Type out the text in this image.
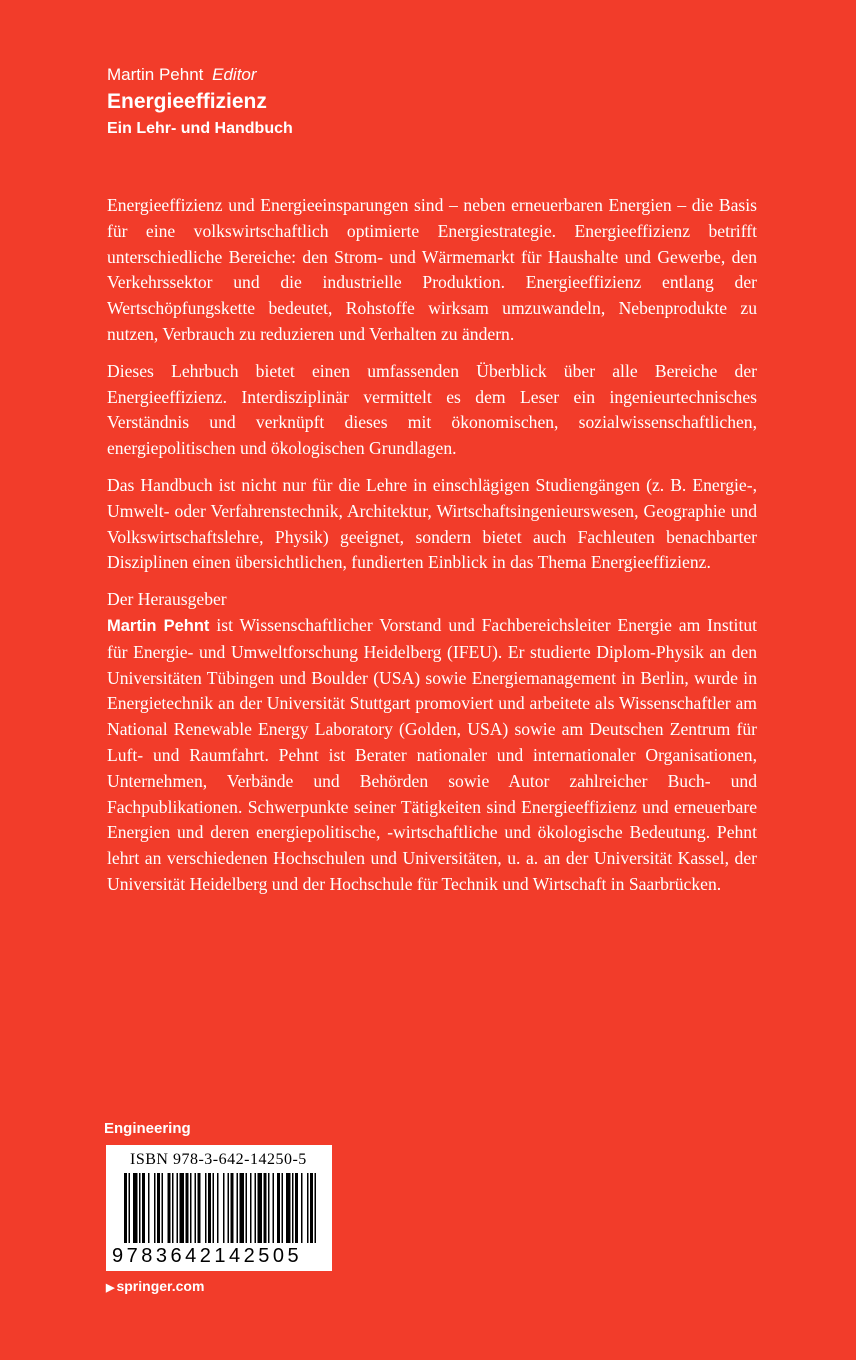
Martin Pehnt Editor
Energieeffizienz
Ein Lehr- und Handbuch

Energieeffizienz und Energieeinsparungen sind – neben erneuerbaren Energien – die Basis für eine volkswirtschaftlich optimierte Energiestrategie. Energieeffizienz betrifft unterschiedliche Bereiche: den Strom- und Wärmemarkt für Haushalte und Gewerbe, den Verkehrssektor und die industrielle Produktion. Energieeffizienz entlang der Wertschöpfungskette bedeutet, Rohstoffe wirksam umzuwandeln, Nebenprodukte zu nutzen, Verbrauch zu reduzieren und Verhalten zu ändern.

Dieses Lehrbuch bietet einen umfassenden Überblick über alle Bereiche der Energieeffizienz. Interdisziplinär vermittelt es dem Leser ein ingenieurtechnisches Verständnis und verknüpft dieses mit ökonomischen, sozialwissenschaftlichen, energiepolitischen und ökologischen Grundlagen.

Das Handbuch ist nicht nur für die Lehre in einschlägigen Studiengängen (z. B. Energie-, Umwelt- oder Verfahrenstechnik, Architektur, Wirtschaftsingenieurswesen, Geographie und Volkswirtschaftslehre, Physik) geeignet, sondern bietet auch Fachleuten benachbarter Disziplinen einen übersichtlichen, fundierten Einblick in das Thema Energieeffizienz.

Der Herausgeber

Martin Pehnt ist Wissenschaftlicher Vorstand und Fachbereichsleiter Energie am Institut für Energie- und Umweltforschung Heidelberg (IFEU). Er studierte Diplom-Physik an den Universitäten Tübingen und Boulder (USA) sowie Energiemanagement in Berlin, wurde in Energietechnik an der Universität Stuttgart promoviert und arbeitete als Wissenschaftler am National Renewable Energy Laboratory (Golden, USA) sowie am Deutschen Zentrum für Luft- und Raumfahrt. Pehnt ist Berater nationaler und internationaler Organisationen, Unternehmen, Verbände und Behörden sowie Autor zahlreicher Buch- und Fachpublikationen. Schwerpunkte seiner Tätigkeiten sind Energieeffizienz und erneuerbare Energien und deren energiepolitische, -wirtschaftliche und ökologische Bedeutung. Pehnt lehrt an verschiedenen Hochschulen und Universitäten, u. a. an der Universität Kassel, der Universität Heidelberg und der Hochschule für Technik und Wirtschaft in Saarbrücken.

Engineering
ISBN 978-3-642-14250-5
9783642142505
▶ springer.com
